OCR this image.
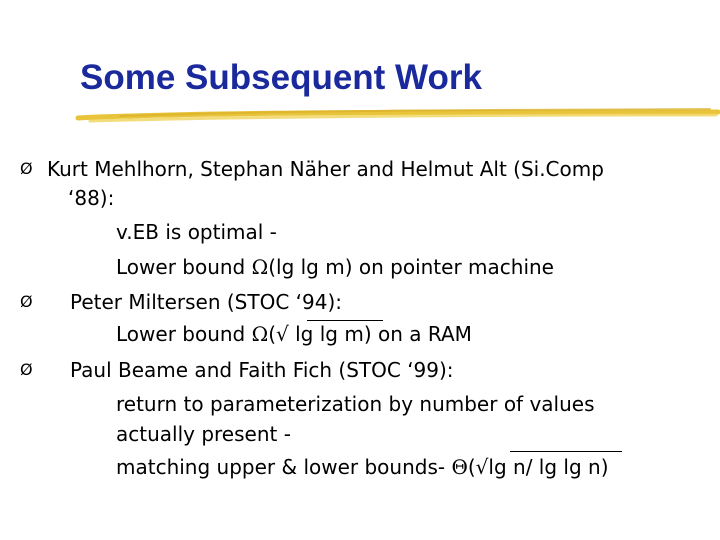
Some Subsequent Work
Ø Kurt Mehlhorn, Stephan Näher and Helmut Alt (Si.Comp
‘88):
v.EB is optimal -
Lower bound Ω(lg lg m) on pointer machine
Ø Peter Miltersen (STOC ‘94):
Lower bound Ω(√ lg lg m) on a RAM
Ø Paul Beame and Faith Fich (STOC ‘99):
return to parameterization by number of values
actually present -
matching upper & lower bounds- Θ(√lg n/ lg lg n)
